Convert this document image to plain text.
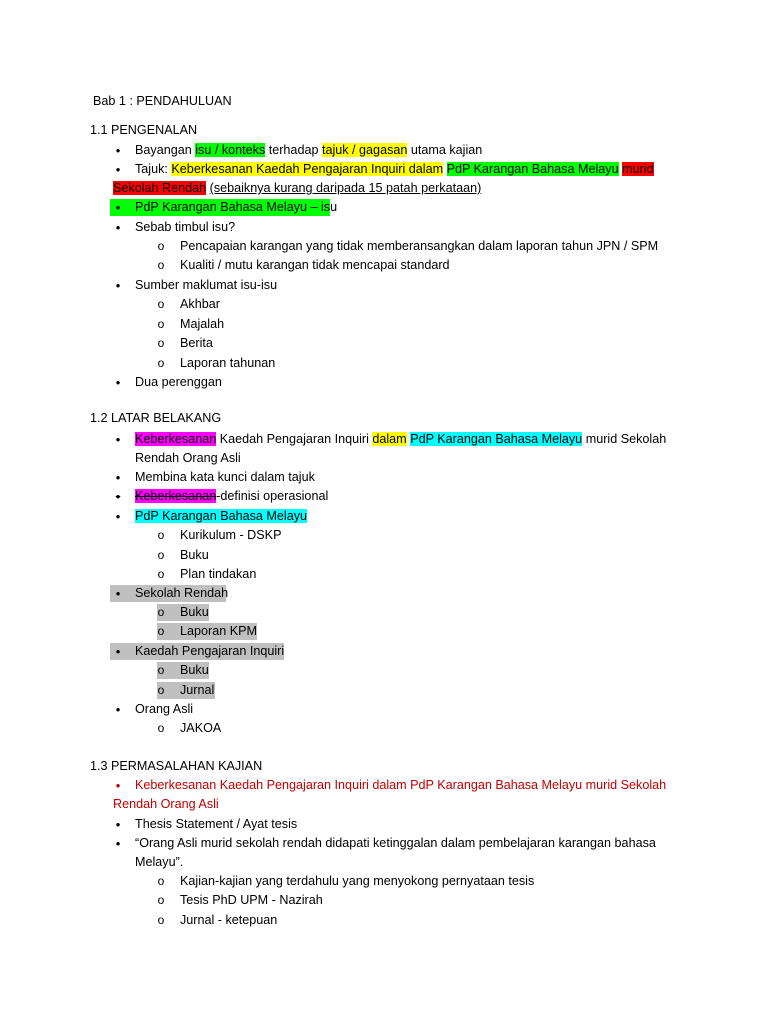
Bab 1 : PENDAHULUAN
1.1 PENGENALAN
•	Bayangan isu / konteks terhadap tajuk / gagasan utama kajian
•	Tajuk: Keberkesanan Kaedah Pengajaran Inquiri dalam PdP Karangan Bahasa Melayu murid
Sekolah Rendah (sebaiknya kurang daripada 15 patah perkataan)
•	PdP Karangan Bahasa Melayu – isu
•	Sebab timbul isu?
o	Pencapaian karangan yang tidak memberansangkan dalam laporan tahun JPN / SPM
o	Kualiti / mutu karangan tidak mencapai standard
•	Sumber maklumat isu-isu
o	Akhbar
o	Majalah
o	Berita
o	Laporan tahunan
•	Dua perenggan
1.2 LATAR BELAKANG
•	Keberkesanan Kaedah Pengajaran Inquiri dalam PdP Karangan Bahasa Melayu murid Sekolah
Rendah Orang Asli
•	Membina kata kunci dalam tajuk
•	Keberkesanan-definisi operasional
•	PdP Karangan Bahasa Melayu
o	Kurikulum - DSKP
o	Buku
o	Plan tindakan
•	Sekolah Rendah
o	Buku
o	Laporan KPM
•	Kaedah Pengajaran Inquiri
o	Buku
o	Jurnal
•	Orang Asli
o	JAKOA
1.3 PERMASALAHAN KAJIAN
•	Keberkesanan Kaedah Pengajaran Inquiri dalam PdP Karangan Bahasa Melayu murid Sekolah
Rendah Orang Asli
•	Thesis Statement / Ayat tesis
•	“Orang Asli murid sekolah rendah didapati ketinggalan dalam pembelajaran karangan bahasa
Melayu”.
o	Kajian-kajian yang terdahulu yang menyokong pernyataan tesis
o	Tesis PhD UPM - Nazirah
o	Jurnal - ketepuan
